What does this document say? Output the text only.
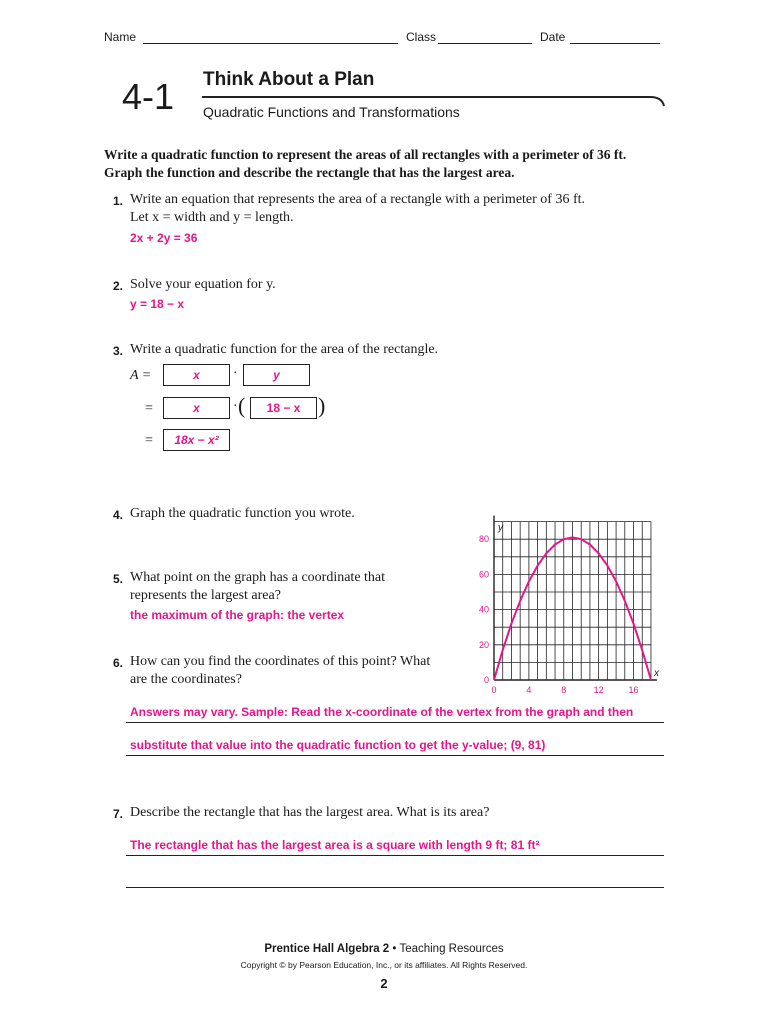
Name	Class	Date
4-1 Think About a Plan
Quadratic Functions and Transformations
Write a quadratic function to represent the areas of all rectangles with a perimeter of 36 ft. Graph the function and describe the rectangle that has the largest area.
1. Write an equation that represents the area of a rectangle with a perimeter of 36 ft.
Let x = width and y = length.
2x + 2y = 36
2. Solve your equation for y.
y = 18 − x
3. Write a quadratic function for the area of the rectangle.
A =	x ·	y
=	x · ( 18 − x )
= 18x − x²
4. Graph the quadratic function you wrote.
5. What point on the graph has a coordinate that
represents the largest area?
the maximum of the graph: the vertex
6. How can you find the coordinates of this point? What
are the coordinates?
Answers may vary. Sample: Read the x-coordinate of the vertex from the graph and then
substitute that value into the quadratic function to get the y-value; (9, 81)
7. Describe the rectangle that has the largest area. What is its area?
The rectangle that has the largest area is a square with length 9 ft; 81 ft²
0	4	8	12	16
0
20
40
60
80
x
y
Prentice Hall Algebra 2 • Teaching Resources
Copyright © by Pearson Education, Inc., or its affiliates. All Rights Reserved.
2
